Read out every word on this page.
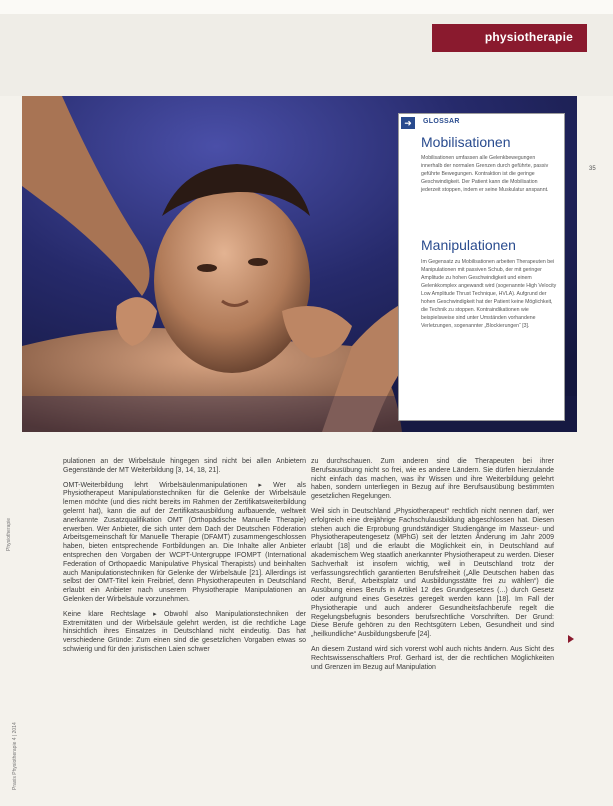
physiotherapie
➜	GLOSSAR
Mobilisationen

Mobilisationen umfassen alle Gelenkbewegungen innerhalb der normalen Grenzen durch geführte, passiv geführte Bewegungen. Kontraktion ist die geringe Geschwindigkeit. Der Patient kann die Mobilisation jederzeit stoppen, indem er seine Muskulatur anspannt.

Manipulationen

Im Gegensatz zu Mobilisationen arbeiten Therapeuten bei Manipulationen mit passiven Schub, der mit geringer Amplitude zu hohen Geschwindigkeit und einem Gelenkkomplex angewandt wird (sogenannte High Velocity Low Amplitude Thrust Technique, HVLA). Aufgrund der hohen Geschwindigkeit hat der Patient keine Möglichkeit, die Technik zu stoppen. Kontraindikationen wie beispielsweise sind unter Umständen vorhandene Verletzungen, sogenannter „Blockierungen“ [3].

35

pulationen an der Wirbelsäule hingegen sind nicht bei allen Anbietern Gegenstände der MT Weiterbildung [3, 14, 18, 21].

OMT-Weiterbildung lehrt Wirbelsäulenmanipulationen ▸ Wer als Physiotherapeut Manipulationstechniken für die Gelenke der Wirbelsäule lernen möchte (und dies nicht bereits im Rahmen der Zertifikatsweiterbildung gelernt hat), kann die auf der Zertifikatsausbildung aufbauende, weltweit anerkannte Zusatzqualifikation OMT (Orthopädische Manuelle Therapie) erwerben. Wer Anbieter, die sich unter dem Dach der Deutschen Föderation Arbeitsgemeinschaft für Manuelle Therapie (DFAMT) zusammengeschlossen haben, bieten entsprechende Fortbildungen an. Die Inhalte aller Anbieter entsprechen den Vorgaben der WCPT-Untergruppe IFOMPT (International Federation of Orthopaedic Manipulative Physical Therapists) und beinhalten auch Manipulationstechniken für Gelenke der Wirbelsäule [21]. Allerdings ist selbst der OMT-Titel kein Freibrief, denn Physiotherapeuten in Deutschland erlaubt ein Anbieter nach unserem Physiotherapie Manipulationen an Gelenken der Wirbelsäule vorzunehmen.

Keine klare Rechtslage ▸ Obwohl also Manipulationstechniken der Extremitäten und der Wirbelsäule gelehrt werden, ist die rechtliche Lage hinsichtlich ihres Einsatzes in Deutschland nicht eindeutig. Das hat verschiedene Gründe: Zum einen sind die gesetzlichen Vorgaben etwas so schwierig und für den juristischen Laien schwer

zu durchschauen. Zum anderen sind die Therapeuten bei ihrer Berufsausübung nicht so frei, wie es andere Ländern. Sie dürfen hierzulande nicht einfach das machen, was ihr Wissen und ihre Weiterbildung gelehrt haben, sondern unterliegen in Bezug auf ihre Berufsausübung bestimmten gesetzlichen Regelungen.

Weil sich in Deutschland „Physiotherapeut“ rechtlich nicht nennen darf, wer erfolgreich eine dreijährige Fachschulausbildung abgeschlossen hat. Diesen stehen auch die Erprobung grundständiger Studiengänge im Masseur- und Physiotherapeutengesetz (MPhG) seit der letzten Änderung im Jahr 2009 erlaubt [18] und die erlaubt die Möglichkeit ein, in Deutschland auf akademischem Weg staatlich anerkannter Physiotherapeut zu werden. Dieser Sachverhalt ist insofern wichtig, weil in Deutschland trotz der verfassungsrechtlich garantierten Berufsfreiheit („Alle Deutschen haben das Recht, Beruf, Arbeitsplatz und Ausbildungsstätte frei zu wählen“) die Ausübung eines Berufs in Artikel 12 des Grundgesetzes (...) durch Gesetz oder aufgrund eines Gesetzes geregelt werden kann [18]. Im Fall der Physiotherapie und auch anderer Gesundheitsfachberufe regelt die Regelungsbefugnis besonders berufsrechtliche Vorschriften. Der Grund: Diese Berufe gehören zu den Rechtsgütern Leben, Gesundheit und sind „heilkundliche“ Ausbildungsberufe [24].

An diesem Zustand wird sich vorerst wohl auch nichts ändern. Aus Sicht des Rechtswissenschaftlers Prof. Gerhard ist, der die rechtlichen Möglichkeiten und Grenzen im Bezug auf Manipulation

Physiotherapie
Praxis Physiotherapie 4 | 2014
